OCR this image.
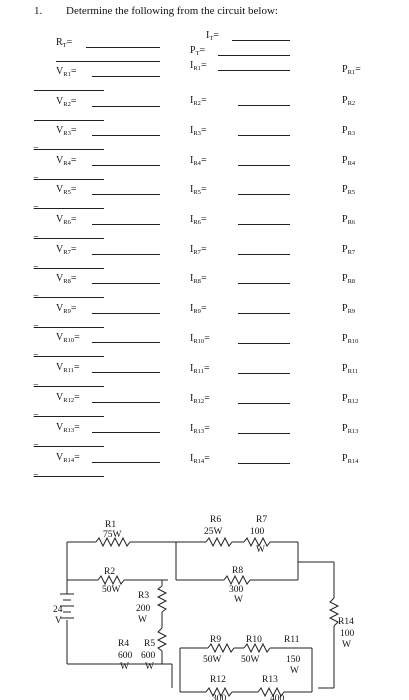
1. Determine the following from the circuit below:
$R_T=$
$V_{R1}=$
$V_{R2}=$
$V_{R3}=$
=
$V_{R4}=$
=
$V_{R5}=$
=
$V_{R6}=$
=
$V_{R7}=$
=
$V_{R8}=$
=
$V_{R9}=$
=
$V_{R10}=$
=
$V_{R11}=$
=
$V_{R12}=$
=
$V_{R13}=$
=
$V_{R14}=$
=
$I_T=$
$P_T=$
$I_{R1}=$
$I_{R2}=$
$I_{R3}=$
$I_{R4}=$
$I_{R5}=$
$I_{R6}=$
$I_{R7}=$
$I_{R8}=$
$I_{R9}=$
$I_{R10}=$
$I_{R11}=$
$I_{R12}=$
$I_{R13}=$
$I_{R14}=$
$P_{R1}=$
$P_{R2}$
$P_{R3}$
$P_{R4}$
$P_{R5}$
$P_{R6}$
$P_{R7}$
$P_{R8}$
$P_{R9}$
$P_{R10}$
$P_{R11}$
$P_{R12}$
$P_{R13}$
$P_{R14}$
24
V
R1
75W
R2
50W
R3
200
W
R4
600
W
R5
600
W
R6
25W
R7
100
W
R8
300
W
R14
100
W
R9
50W
R10
50W
R11
150
W
R12
300
R13
400
